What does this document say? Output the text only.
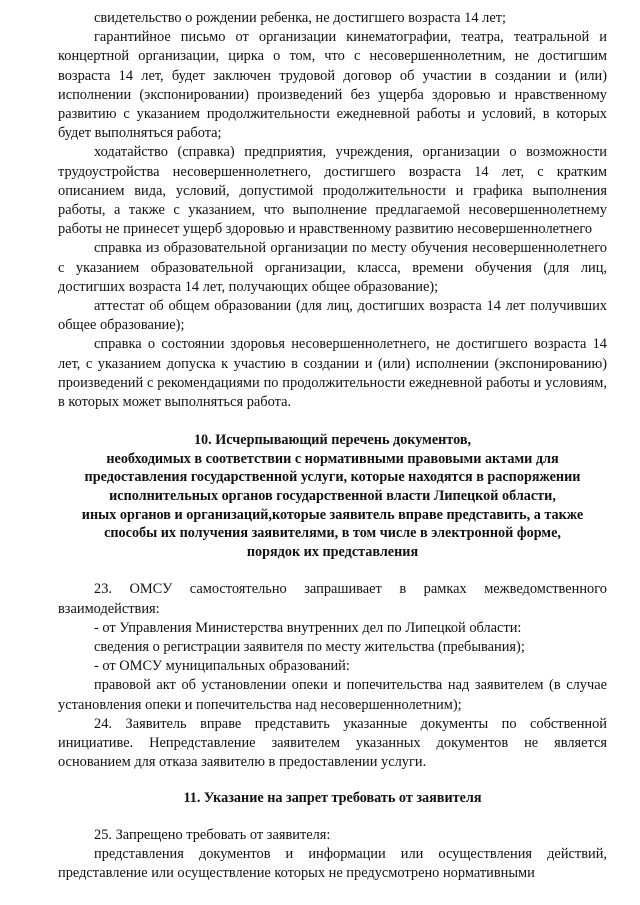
свидетельство о рождении ребенка, не достигшего возраста 14 лет;

гарантийное письмо от организации кинематографии, театра, театральной и концертной организации, цирка о том, что с несовершеннолетним, не достигшим возраста 14 лет, будет заключен трудовой договор об участии в создании и (или) исполнении (экспонировании) произведений без ущерба здоровью и нравственному развитию с указанием продолжительности ежедневной работы и условий, в которых будет выполняться работа;

ходатайство (справка) предприятия, учреждения, организации о возможности трудоустройства несовершеннолетнего, достигшего возраста 14 лет, с кратким описанием вида, условий, допустимой продолжительности и графика выполнения работы, а также с указанием, что выполнение предлагаемой несовершеннолетнему работы не принесет ущерб здоровью и нравственному развитию несовершеннолетнего

справка из образовательной организации по месту обучения несовершеннолетнего с указанием образовательной организации, класса, времени обучения (для лиц, достигших возраста 14 лет, получающих общее образование);

аттестат об общем образовании (для лиц, достигших возраста 14 лет получивших общее образование);

справка о состоянии здоровья несовершеннолетнего, не достигшего возраста 14 лет, с указанием допуска к участию в создании и (или) исполнении (экспонированию) произведений с рекомендациями по продолжительности ежедневной работы и условиям, в которых может выполняться работа.

10. Исчерпывающий перечень документов,
необходимых в соответствии с нормативными правовыми актами для
предоставления государственной услуги, которые находятся в распоряжении
исполнительных органов государственной власти Липецкой области,
иных органов и организаций,которые заявитель вправе представить, а также
способы их получения заявителями, в том числе в электронной форме,
порядок их представления

23. ОМСУ самостоятельно запрашивает в рамках межведомственного взаимодействия:

- от Управления Министерства внутренних дел по Липецкой области:

сведения о регистрации заявителя по месту жительства (пребывания);

- от ОМСУ муниципальных образований:

правовой акт об установлении опеки и попечительства над заявителем (в случае установления опеки и попечительства над несовершеннолетним);

24. Заявитель вправе представить указанные документы по собственной инициативе. Непредставление заявителем указанных документов не является основанием для отказа заявителю в предоставлении услуги.

11. Указание на запрет требовать от заявителя

25. Запрещено требовать от заявителя:

представления документов и информации или осуществления действий, представление или осуществление которых не предусмотрено нормативными
